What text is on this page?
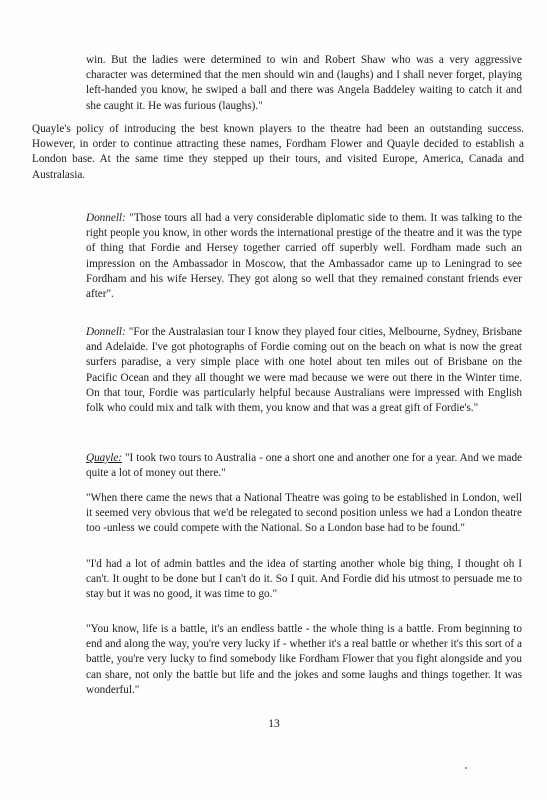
win. But the ladies were determined to win and Robert Shaw who was a very aggressive character was determined that the men should win and (laughs) and I shall never forget, playing left-handed you know, he swiped a ball and there was Angela Baddeley waiting to catch it and she caught it. He was furious (laughs)."

Quayle's policy of introducing the best known players to the theatre had been an outstanding success. However, in order to continue attracting these names, Fordham Flower and Quayle decided to establish a London base. At the same time they stepped up their tours, and visited Europe, America, Canada and Australasia.

Donnell: "Those tours all had a very considerable diplomatic side to them. It was talking to the right people you know, in other words the international prestige of the theatre and it was the type of thing that Fordie and Hersey together carried off superbly well. Fordham made such an impression on the Ambassador in Moscow, that the Ambassador came up to Leningrad to see Fordham and his wife Hersey. They got along so well that they remained constant friends ever after".

Donnell: "For the Australasian tour I know they played four cities, Melbourne, Sydney, Brisbane and Adelaide. I've got photographs of Fordie coming out on the beach on what is now the great surfers paradise, a very simple place with one hotel about ten miles out of Brisbane on the Pacific Ocean and they all thought we were mad because we were out there in the Winter time. On that tour, Fordie was particularly helpful because Australians were impressed with English folk who could mix and talk with them, you know and that was a great gift of Fordie's."

Quayle: "I took two tours to Australia - one a short one and another one for a year. And we made quite a lot of money out there."

"When there came the news that a National Theatre was going to be established in London, well it seemed very obvious that we'd be relegated to second position unless we had a London theatre too -unless we could compete with the National. So a London base had to be found."

"I'd had a lot of admin battles and the idea of starting another whole big thing, I thought oh I can't. It ought to be done but I can't do it. So I quit. And Fordie did his utmost to persuade me to stay but it was no good, it was time to go."

"You know, life is a battle, it's an endless battle - the whole thing is a battle. From beginning to end and along the way, you're very lucky if - whether it's a real battle or whether it's this sort of a battle, you're very lucky to find somebody like Fordham Flower that you fight alongside and you can share, not only the battle but life and the jokes and some laughs and things together. It was wonderful."

13
